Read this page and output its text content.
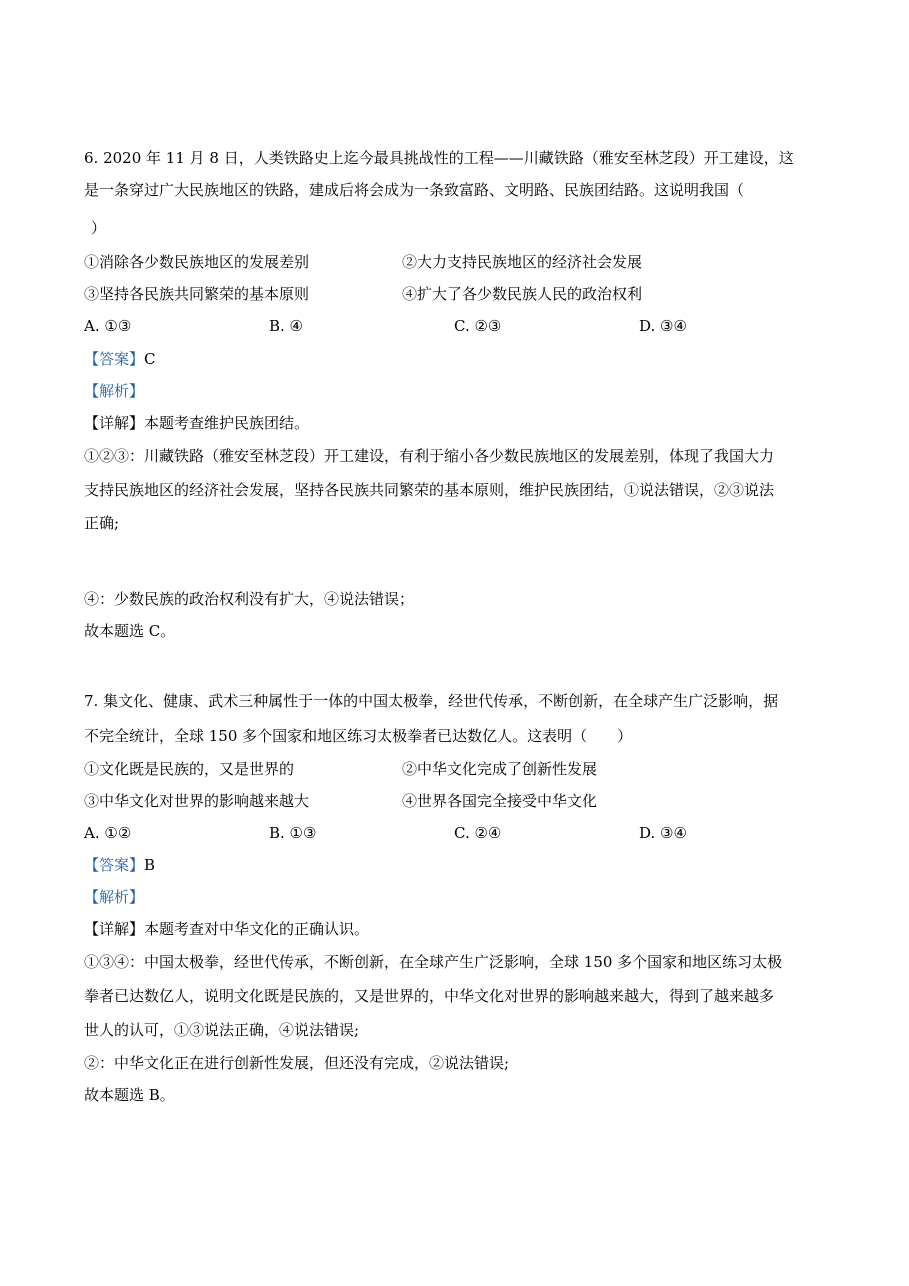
6. 2020 年 11 月 8 日，人类铁路史上迄今最具挑战性的工程——川藏铁路（雅安至林芝段）开工建设，这
是一条穿过广大民族地区的铁路，建成后将会成为一条致富路、文明路、民族团结路。这说明我国（
）
①消除各少数民族地区的发展差别	②大力支持民族地区的经济社会发展
③坚持各民族共同繁荣的基本原则	④扩大了各少数民族人民的政治权利
A. ①③	B. ④	C. ②③	D. ③④
【答案】C
【解析】
【详解】本题考查维护民族团结。
①②③：川藏铁路（雅安至林芝段）开工建设，有利于缩小各少数民族地区的发展差别，体现了我国大力
支持民族地区的经济社会发展，坚持各民族共同繁荣的基本原则，维护民族团结，①说法错误，②③说法
正确;
④：少数民族的政治权利没有扩大，④说法错误；
故本题选 C。
7. 集文化、健康、武术三种属性于一体的中国太极拳，经世代传承，不断创新，在全球产生广泛影响，据
不完全统计，全球 150 多个国家和地区练习太极拳者已达数亿人。这表明（　　）
①文化既是民族的，又是世界的	②中华文化完成了创新性发展
③中华文化对世界的影响越来越大	④世界各国完全接受中华文化
A. ①②	B. ①③	C. ②④	D. ③④
【答案】B
【解析】
【详解】本题考查对中华文化的正确认识。
①③④：中国太极拳，经世代传承，不断创新，在全球产生广泛影响，全球 150 多个国家和地区练习太极
拳者已达数亿人，说明文化既是民族的，又是世界的，中华文化对世界的影响越来越大，得到了越来越多
世人的认可，①③说法正确，④说法错误;
②：中华文化正在进行创新性发展，但还没有完成，②说法错误;
故本题选 B。
